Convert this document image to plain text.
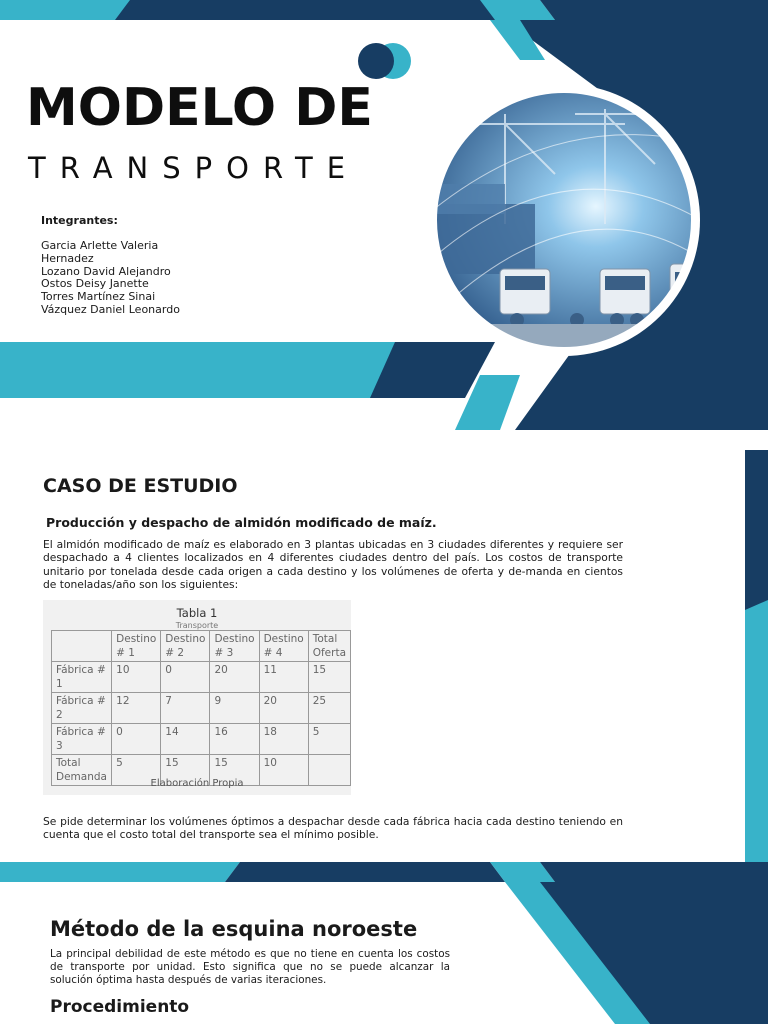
MODELO DE
TRANSPORTE
Integrantes:
Garcia Arlette Valeria
Hernadez
Lozano David Alejandro
Ostos Deisy Janette
Torres Martínez Sinai
Vázquez Daniel Leonardo
CASO DE ESTUDIO
Producción y despacho de almidón modificado de maíz.
El almidón modificado de maíz es elaborado en 3 plantas ubicadas en 3 ciudades diferentes y requiere ser despachado a 4 clientes localizados en 4 diferentes ciudades dentro del país. Los costos de transporte unitario por tonelada desde cada origen a cada destino y los volúmenes de oferta y de-manda en cientos de toneladas/año son los siguientes:
Tabla 1
Transporte
	Destino # 1	Destino # 2	Destino # 3	Destino # 4	Total Oferta
Fábrica # 1	10	0	20	11	15
Fábrica # 2	12	7	9	20	25
Fábrica # 3	0	14	16	18	5
Total Demanda	5	15	15	10	
Elaboración Propia
Se pide determinar los volúmenes óptimos a despachar desde cada fábrica hacia cada destino teniendo en cuenta que el costo total del transporte sea el mínimo posible.
Método de la esquina noroeste
La principal debilidad de este método es que no tiene en cuenta los costos de transporte por unidad. Esto significa que no se puede alcanzar la solución óptima hasta después de varias iteraciones.
Procedimiento
